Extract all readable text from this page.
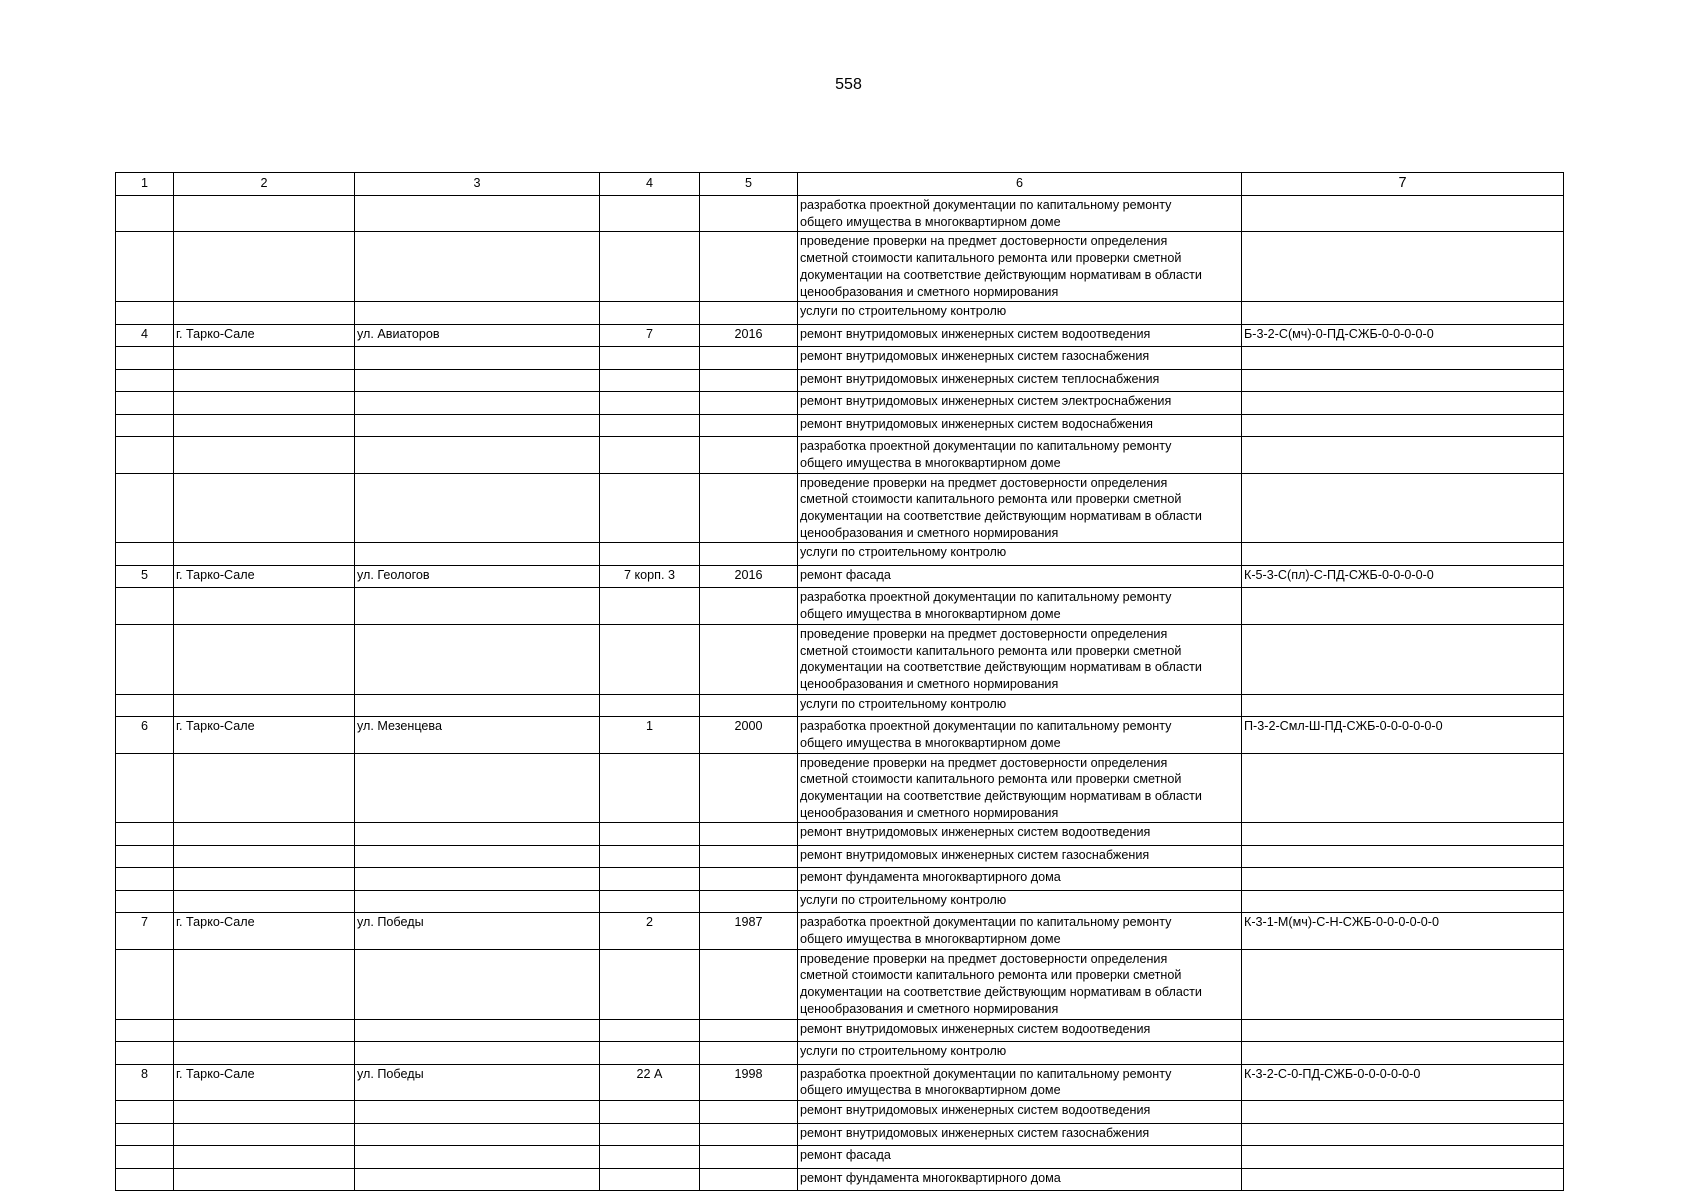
558
1	2	3	4	5	6	7
					разработка проектной документации по капитальному ремонту
общего имущества в многоквартирном доме	
					проведение проверки на предмет достоверности определения
сметной стоимости капитального ремонта или проверки сметной
документации на соответствие действующим нормативам в области
ценообразования и сметного нормирования	
					услуги по строительному контролю	
4	г. Тарко-Сале	ул. Авиаторов	7	2016	ремонт внутридомовых инженерных систем водоотведения	Б-3-2-С(мч)-0-ПД-СЖБ-0-0-0-0-0
					ремонт внутридомовых инженерных систем газоснабжения	
					ремонт внутридомовых инженерных систем теплоснабжения	
					ремонт внутридомовых инженерных систем электроснабжения	
					ремонт внутридомовых инженерных систем водоснабжения	
					разработка проектной документации по капитальному ремонту
общего имущества в многоквартирном доме	
					проведение проверки на предмет достоверности определения
сметной стоимости капитального ремонта или проверки сметной
документации на соответствие действующим нормативам в области
ценообразования и сметного нормирования	
					услуги по строительному контролю	
5	г. Тарко-Сале	ул. Геологов	7 корп. 3	2016	ремонт фасада	К-5-3-С(пл)-С-ПД-СЖБ-0-0-0-0-0
					разработка проектной документации по капитальному ремонту
общего имущества в многоквартирном доме	
					проведение проверки на предмет достоверности определения
сметной стоимости капитального ремонта или проверки сметной
документации на соответствие действующим нормативам в области
ценообразования и сметного нормирования	
					услуги по строительному контролю	
6	г. Тарко-Сале	ул. Мезенцева	1	2000	разработка проектной документации по капитальному ремонту
общего имущества в многоквартирном доме	П-3-2-Смл-Ш-ПД-СЖБ-0-0-0-0-0-0
					проведение проверки на предмет достоверности определения
сметной стоимости капитального ремонта или проверки сметной
документации на соответствие действующим нормативам в области
ценообразования и сметного нормирования	
					ремонт внутридомовых инженерных систем водоотведения	
					ремонт внутридомовых инженерных систем газоснабжения	
					ремонт фундамента многоквартирного дома	
					услуги по строительному контролю	
7	г. Тарко-Сале	ул. Победы	2	1987	разработка проектной документации по капитальному ремонту
общего имущества в многоквартирном доме	К-3-1-М(мч)-С-Н-СЖБ-0-0-0-0-0-0
					проведение проверки на предмет достоверности определения
сметной стоимости капитального ремонта или проверки сметной
документации на соответствие действующим нормативам в области
ценообразования и сметного нормирования	
					ремонт внутридомовых инженерных систем водоотведения	
					услуги по строительному контролю	
8	г. Тарко-Сале	ул. Победы	22 А	1998	разработка проектной документации по капитальному ремонту
общего имущества в многоквартирном доме	К-3-2-С-0-ПД-СЖБ-0-0-0-0-0-0
					ремонт внутридомовых инженерных систем водоотведения	
					ремонт внутридомовых инженерных систем газоснабжения	
					ремонт фасада	
					ремонт фундамента многоквартирного дома	
